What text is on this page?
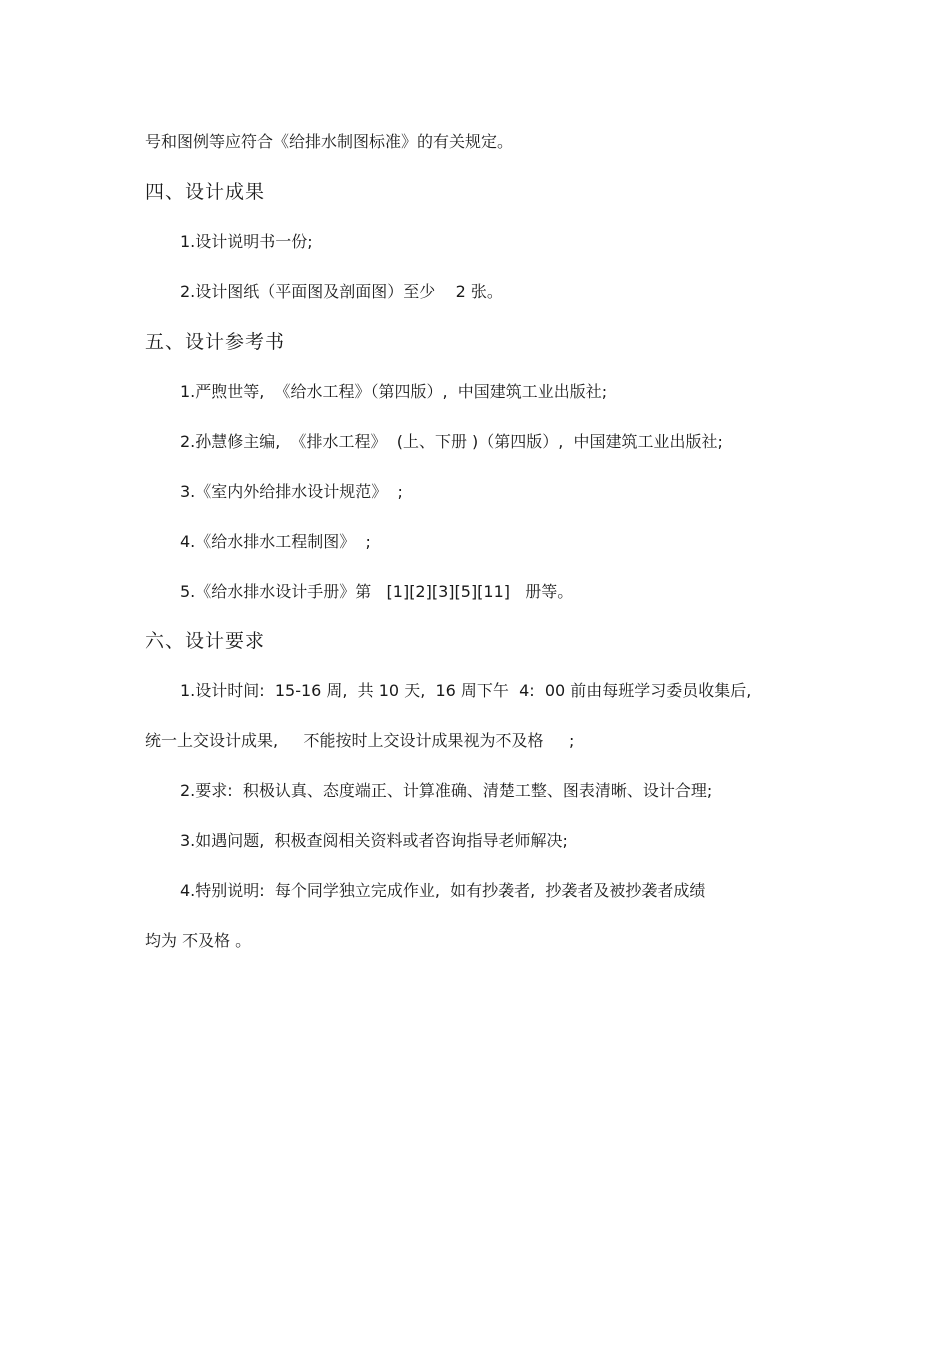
号和图例等应符合《给排水制图标准》的有关规定。
四、设计成果
1.设计说明书一份;
2.设计图纸（平面图及剖面图）至少    2 张。
五、设计参考书
1.严煦世等,  《给水工程》（第四版）,  中国建筑工业出版社;
2.孙慧修主编,  《排水工程》  (上、下册 )（第四版）,  中国建筑工业出版社;
3.《室内外给排水设计规范》  ;
4.《给水排水工程制图》  ;
5.《给水排水设计手册》第   [1][2][3][5][11]   册等。
六、设计要求
1.设计时间:  15-16 周,  共 10 天,  16 周下午  4:  00 前由每班学习委员收集后,
统一上交设计成果,     不能按时上交设计成果视为不及格     ;
2.要求:  积极认真、态度端正、计算准确、清楚工整、图表清晰、设计合理;
3.如遇问题,  积极查阅相关资料或者咨询指导老师解决;
4.特别说明:  每个同学独立完成作业,  如有抄袭者,  抄袭者及被抄袭者成绩
均为 不及格 。
